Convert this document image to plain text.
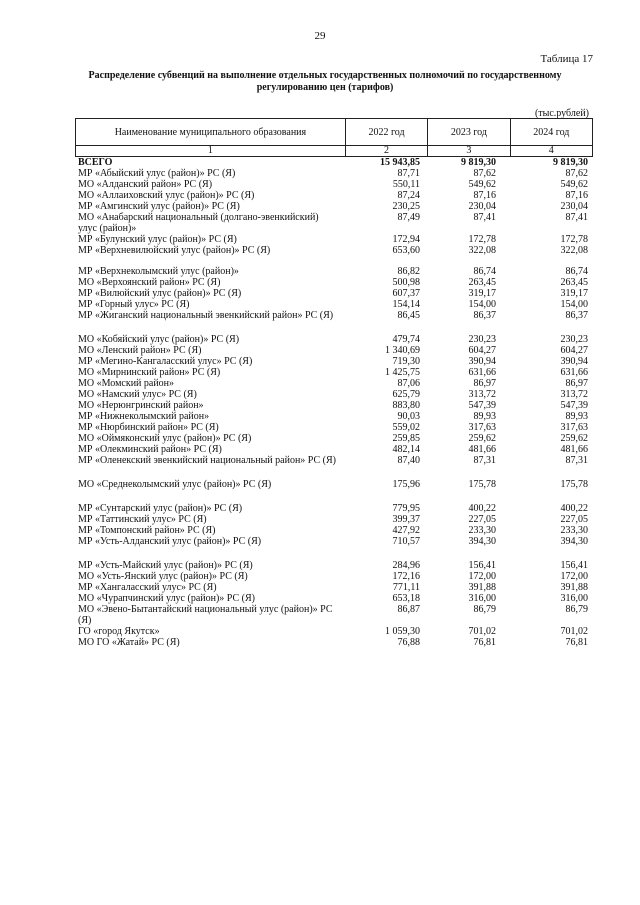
29
Таблица 17
Распределение субвенций на выполнение отдельных государственных полномочий по государственному регулированию цен (тарифов)
(тыс.рублей)
Наименование муниципального образования	2022 год	2023 год	2024 год
1	2	3	4
ВСЕГО	15 943,85	9 819,30	9 819,30
МР «Абыйский улус (район)» РС (Я)	87,71	87,62	87,62
МО «Алданский район» РС (Я)	550,11	549,62	549,62
МО «Аллаиховский улус (район)» РС (Я)	87,24	87,16	87,16
МР «Амгинский улус (район)» РС (Я)	230,25	230,04	230,04
МО «Анабарский национальный (долгано-эвенкийский) улус (район)»
87,49	87,41	87,41
МР «Булунский улус (район)» РС (Я)	172,94	172,78	172,78
МР «Верхневилюйский улус (район)» РС (Я)	653,60	322,08	322,08
МР «Верхнеколымский улус (район)»	86,82	86,74	86,74
МО «Верхоянский район» РС (Я)	500,98	263,45	263,45
МР «Вилюйский улус (район)» РС (Я)	607,37	319,17	319,17
МР «Горный улус» РС (Я)	154,14	154,00	154,00
МР «Жиганский национальный эвенкийский район» РС (Я)	86,45	86,37	86,37
МО «Кобяйский улус (район)» РС (Я)	479,74	230,23	230,23
МО «Ленский район» РС (Я)	1 340,69	604,27	604,27
МР «Мегино-Кангаласский улус» РС (Я)	719,30	390,94	390,94
МО «Мирнинский район» РС (Я)	1 425,75	631,66	631,66
МО «Момский район»	87,06	86,97	86,97
МО «Намский улус» РС (Я)	625,79	313,72	313,72
МО «Нерюнгринский район»	883,80	547,39	547,39
МР «Нижнеколымский район»	90,03	89,93	89,93
МР «Нюрбинский район» РС (Я)	559,02	317,63	317,63
МО «Оймяконский улус (район)» РС (Я)	259,85	259,62	259,62
МР «Олекминский район» РС (Я)	482,14	481,66	481,66
МР «Оленекский эвенкийский национальный район» РС (Я)	87,40	87,31	87,31
МО «Среднеколымский улус (район)» РС (Я)	175,96	175,78	175,78
МР «Сунтарский улус (район)» РС (Я)	779,95	400,22	400,22
МР «Таттинский улус» РС (Я)	399,37	227,05	227,05
МР «Томпонский район» РС (Я)	427,92	233,30	233,30
МР «Усть-Алданский улус (район)» РС (Я)	710,57	394,30	394,30
МР «Усть-Майский улус (район)» РС (Я)	284,96	156,41	156,41
МО «Усть-Янский улус (район)» РС (Я)	172,16	172,00	172,00
МР «Хангаласский улус» РС (Я)	771,11	391,88	391,88
МО «Чурапчинский улус (район)» РС (Я)	653,18	316,00	316,00
МО «Эвено-Бытантайский национальный улус (район)» РС (Я)
86,87	86,79	86,79
ГО «город Якутск»	1 059,30	701,02	701,02
МО ГО «Жатай» РС (Я)	76,88	76,81	76,81
